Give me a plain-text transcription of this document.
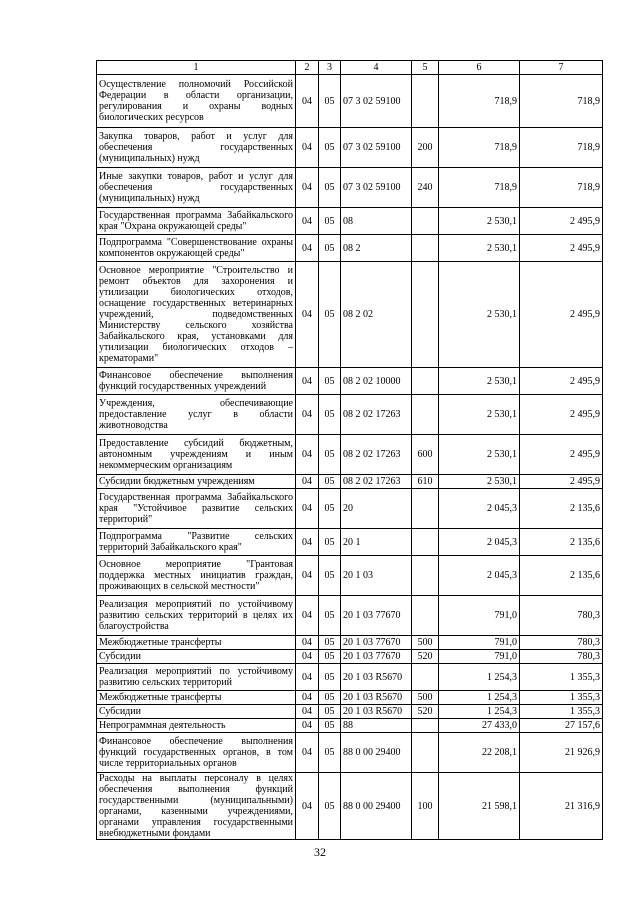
1	2	3	4	5	6	7
Осуществление полномочий Российской Федерации в области организации, регулирования и охраны водных биологических ресурсов	04	05	07 3 02 59100		718,9	718,9
Закупка товаров, работ и услуг для обеспечения государственных (муниципальных) нужд	04	05	07 3 02 59100	200	718,9	718,9
Иные закупки товаров, работ и услуг для обеспечения государственных (муниципальных) нужд	04	05	07 3 02 59100	240	718,9	718,9
Государственная программа Забайкальского края "Охрана окружающей среды"	04	05	08		2 530,1	2 495,9
Подпрограмма "Совершенствование охраны компонентов окружающей среды"	04	05	08 2		2 530,1	2 495,9
Основное мероприятие "Строительство и ремонт объектов для захоронения и утилизации биологических отходов, оснащение государственных ветеринарных учреждений, подведомственных Министерству сельского хозяйства Забайкальского края, установками для утилизации биологических отходов – крематорами"	04	05	08 2 02		2 530,1	2 495,9
Финансовое обеспечение выполнения функций государственных учреждений	04	05	08 2 02 10000		2 530,1	2 495,9
Учреждения, обеспечивающие предоставление услуг в области животноводства	04	05	08 2 02 17263		2 530,1	2 495,9
Предоставление субсидий бюджетным, автономным учреждениям и иным некоммерческим организациям	04	05	08 2 02 17263	600	2 530,1	2 495,9
Субсидии бюджетным учреждениям	04	05	08 2 02 17263	610	2 530,1	2 495,9
Государственная программа Забайкальского края "Устойчивое развитие сельских территорий"	04	05	20		2 045,3	2 135,6
Подпрограмма "Развитие сельских территорий Забайкальского края"	04	05	20 1		2 045,3	2 135,6
Основное мероприятие "Грантовая поддержка местных инициатив граждан, проживающих в сельской местности"	04	05	20 1 03		2 045,3	2 135,6
Реализация мероприятий по устойчивому развитию сельских территорий в целях их благоустройства	04	05	20 1 03 77670		791,0	780,3
Межбюджетные трансферты	04	05	20 1 03 77670	500	791,0	780,3
Субсидии	04	05	20 1 03 77670	520	791,0	780,3
Реализация мероприятий по устойчивому развитию сельских территорий	04	05	20 1 03 R5670		1 254,3	1 355,3
Межбюджетные трансферты	04	05	20 1 03 R5670	500	1 254,3	1 355,3
Субсидии	04	05	20 1 03 R5670	520	1 254,3	1 355,3
Непрограммная деятельность	04	05	88		27 433,0	27 157,6
Финансовое обеспечение выполнения функций государственных органов, в том числе территориальных органов	04	05	88 0 00 29400		22 208,1	21 926,9
Расходы на выплаты персоналу в целях обеспечения выполнения функций государственными (муниципальными) органами, казенными учреждениями, органами управления государственными внебюджетными фондами	04	05	88 0 00 29400	100	21 598,1	21 316,9
32
